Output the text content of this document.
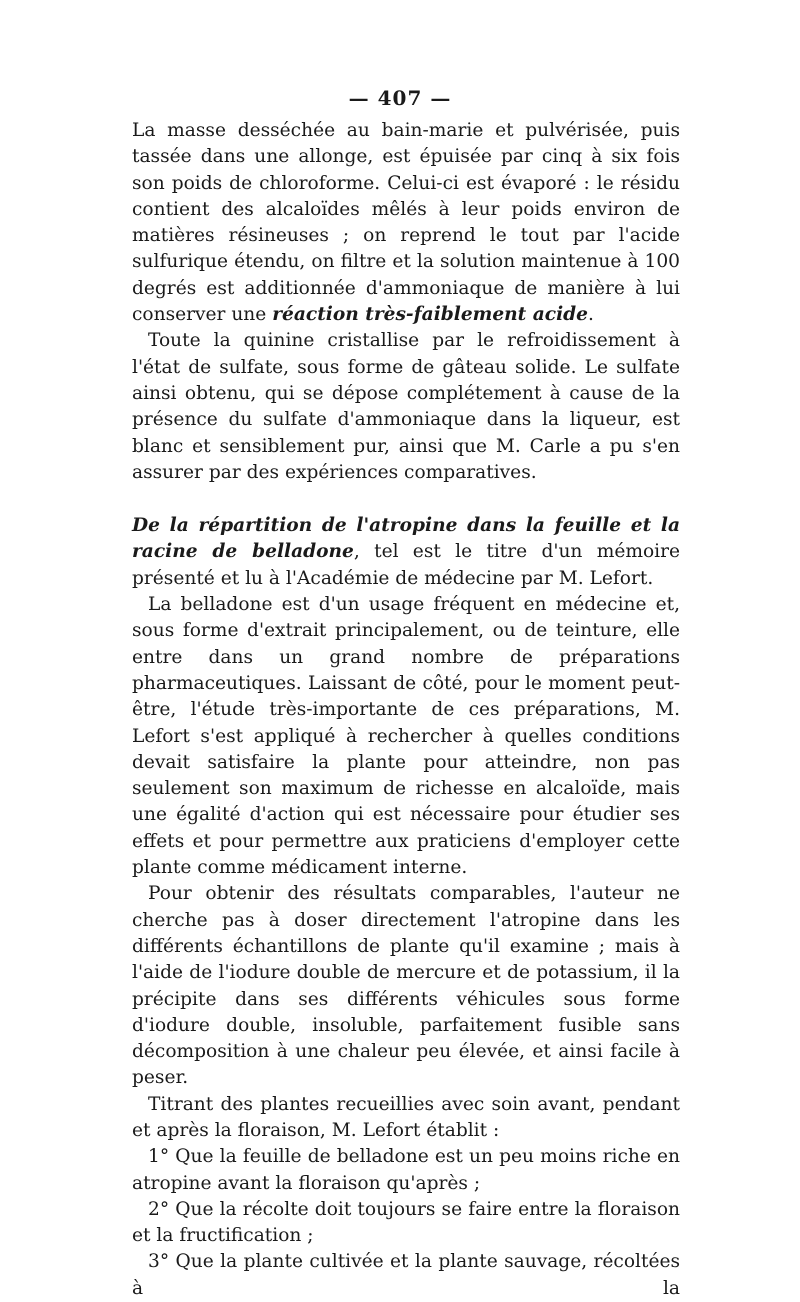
— 407 —

La masse desséchée au bain-marie et pulvérisée, puis tassée dans une allonge, est épuisée par cinq à six fois son poids de chloroforme. Celui-ci est évaporé : le résidu contient des alcaloïdes mêlés à leur poids environ de matières résineuses ; on reprend le tout par l'acide sulfurique étendu, on filtre et la solution maintenue à 100 degrés est additionnée d'ammoniaque de manière à lui conserver une réaction très-faiblement acide.

Toute la quinine cristallise par le refroidissement à l'état de sulfate, sous forme de gâteau solide. Le sulfate ainsi obtenu, qui se dépose complétement à cause de la présence du sulfate d'ammoniaque dans la liqueur, est blanc et sensiblement pur, ainsi que M. Carle a pu s'en assurer par des expériences comparatives.

De la répartition de l'atropine dans la feuille et la racine de belladone, tel est le titre d'un mémoire présenté et lu à l'Académie de médecine par M. Lefort.

La belladone est d'un usage fréquent en médecine et, sous forme d'extrait principalement, ou de teinture, elle entre dans un grand nombre de préparations pharmaceutiques. Laissant de côté, pour le moment peut-être, l'étude très-importante de ces préparations, M. Lefort s'est appliqué à rechercher à quelles conditions devait satisfaire la plante pour atteindre, non pas seulement son maximum de richesse en alcaloïde, mais une égalité d'action qui est nécessaire pour étudier ses effets et pour permettre aux praticiens d'employer cette plante comme médicament interne.

Pour obtenir des résultats comparables, l'auteur ne cherche pas à doser directement l'atropine dans les différents échantillons de plante qu'il examine ; mais à l'aide de l'iodure double de mercure et de potassium, il la précipite dans ses différents véhicules sous forme d'iodure double, insoluble, parfaitement fusible sans décomposition à une chaleur peu élevée, et ainsi facile à peser.

Titrant des plantes recueillies avec soin avant, pendant et après la floraison, M. Lefort établit :

1° Que la feuille de belladone est un peu moins riche en atropine avant la floraison qu'après ;

2° Que la récolte doit toujours se faire entre la floraison et la fructification ;

3° Que la plante cultivée et la plante sauvage, récoltées à la
